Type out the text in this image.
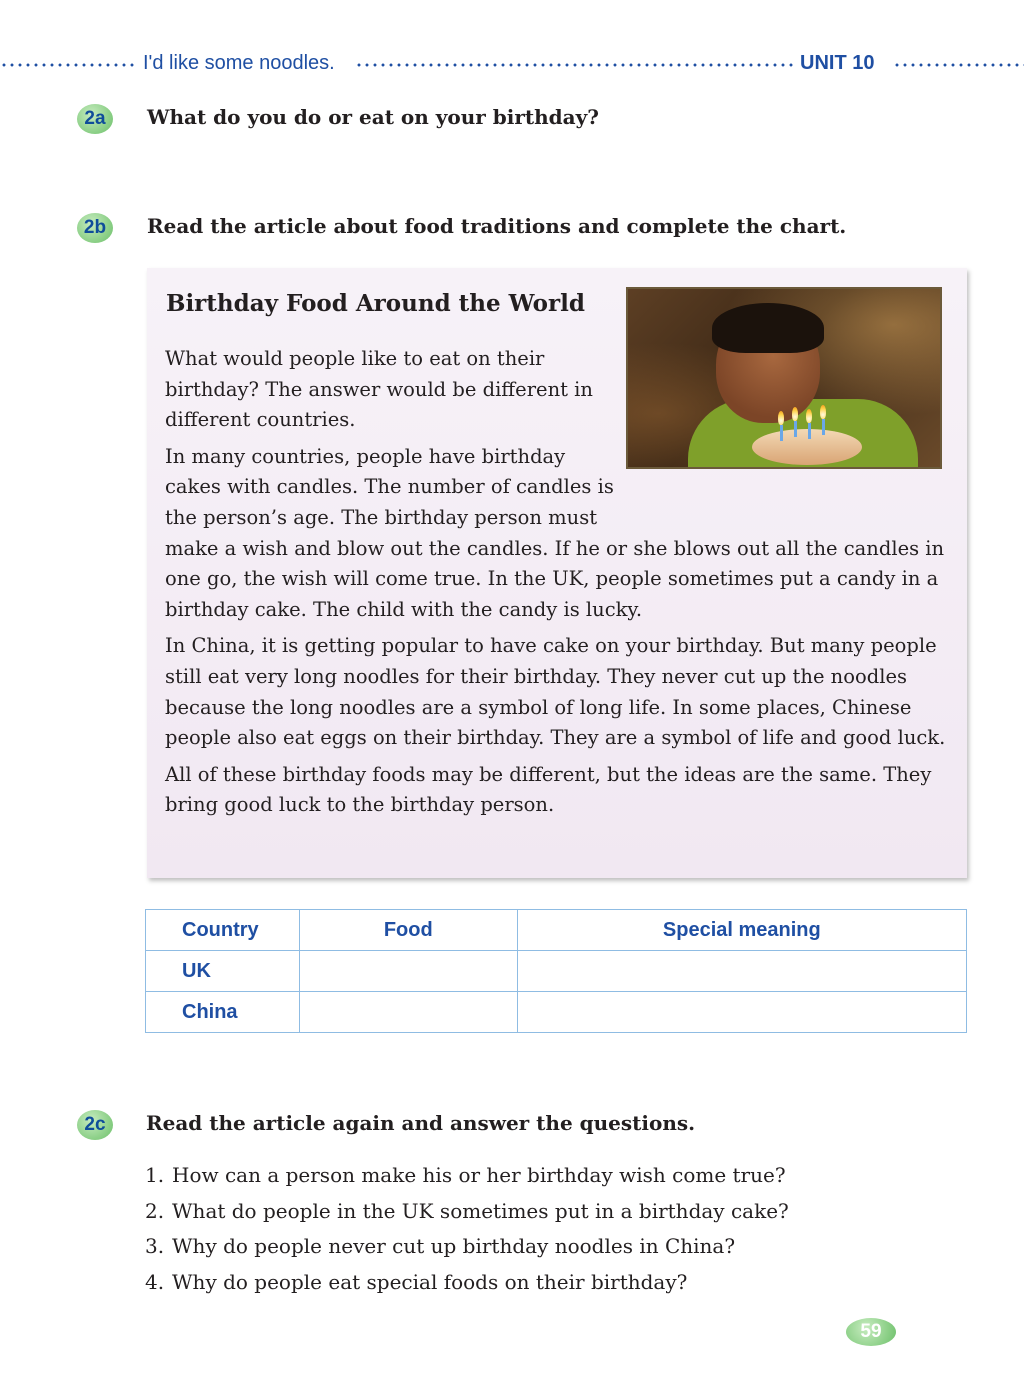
I'd like some noodles.	UNIT 10
2a	What do you do or eat on your birthday?
2b	Read the article about food traditions and complete the chart.
Birthday Food Around the World

What would people like to eat on their birthday? The answer would be different in different countries.

In many countries, people have birthday cakes with candles. The number of candles is the person’s age. The birthday person must make a wish and blow out the candles. If he or she blows out all the candles in one go, the wish will come true. In the UK, people sometimes put a candy in a birthday cake. The child with the candy is lucky.

In China, it is getting popular to have cake on your birthday. But many people still eat very long noodles for their birthday. They never cut up the noodles because the long noodles are a symbol of long life. In some places, Chinese people also eat eggs on their birthday. They are a symbol of life and good luck.

All of these birthday foods may be different, but the ideas are the same. They bring good luck to the birthday person.

Country	Food	Special meaning
UK		
China		
2c	Read the article again and answer the questions.
1. How can a person make his or her birthday wish come true?
2. What do people in the UK sometimes put in a birthday cake?
3. Why do people never cut up birthday noodles in China?
4. Why do people eat special foods on their birthday?
59
